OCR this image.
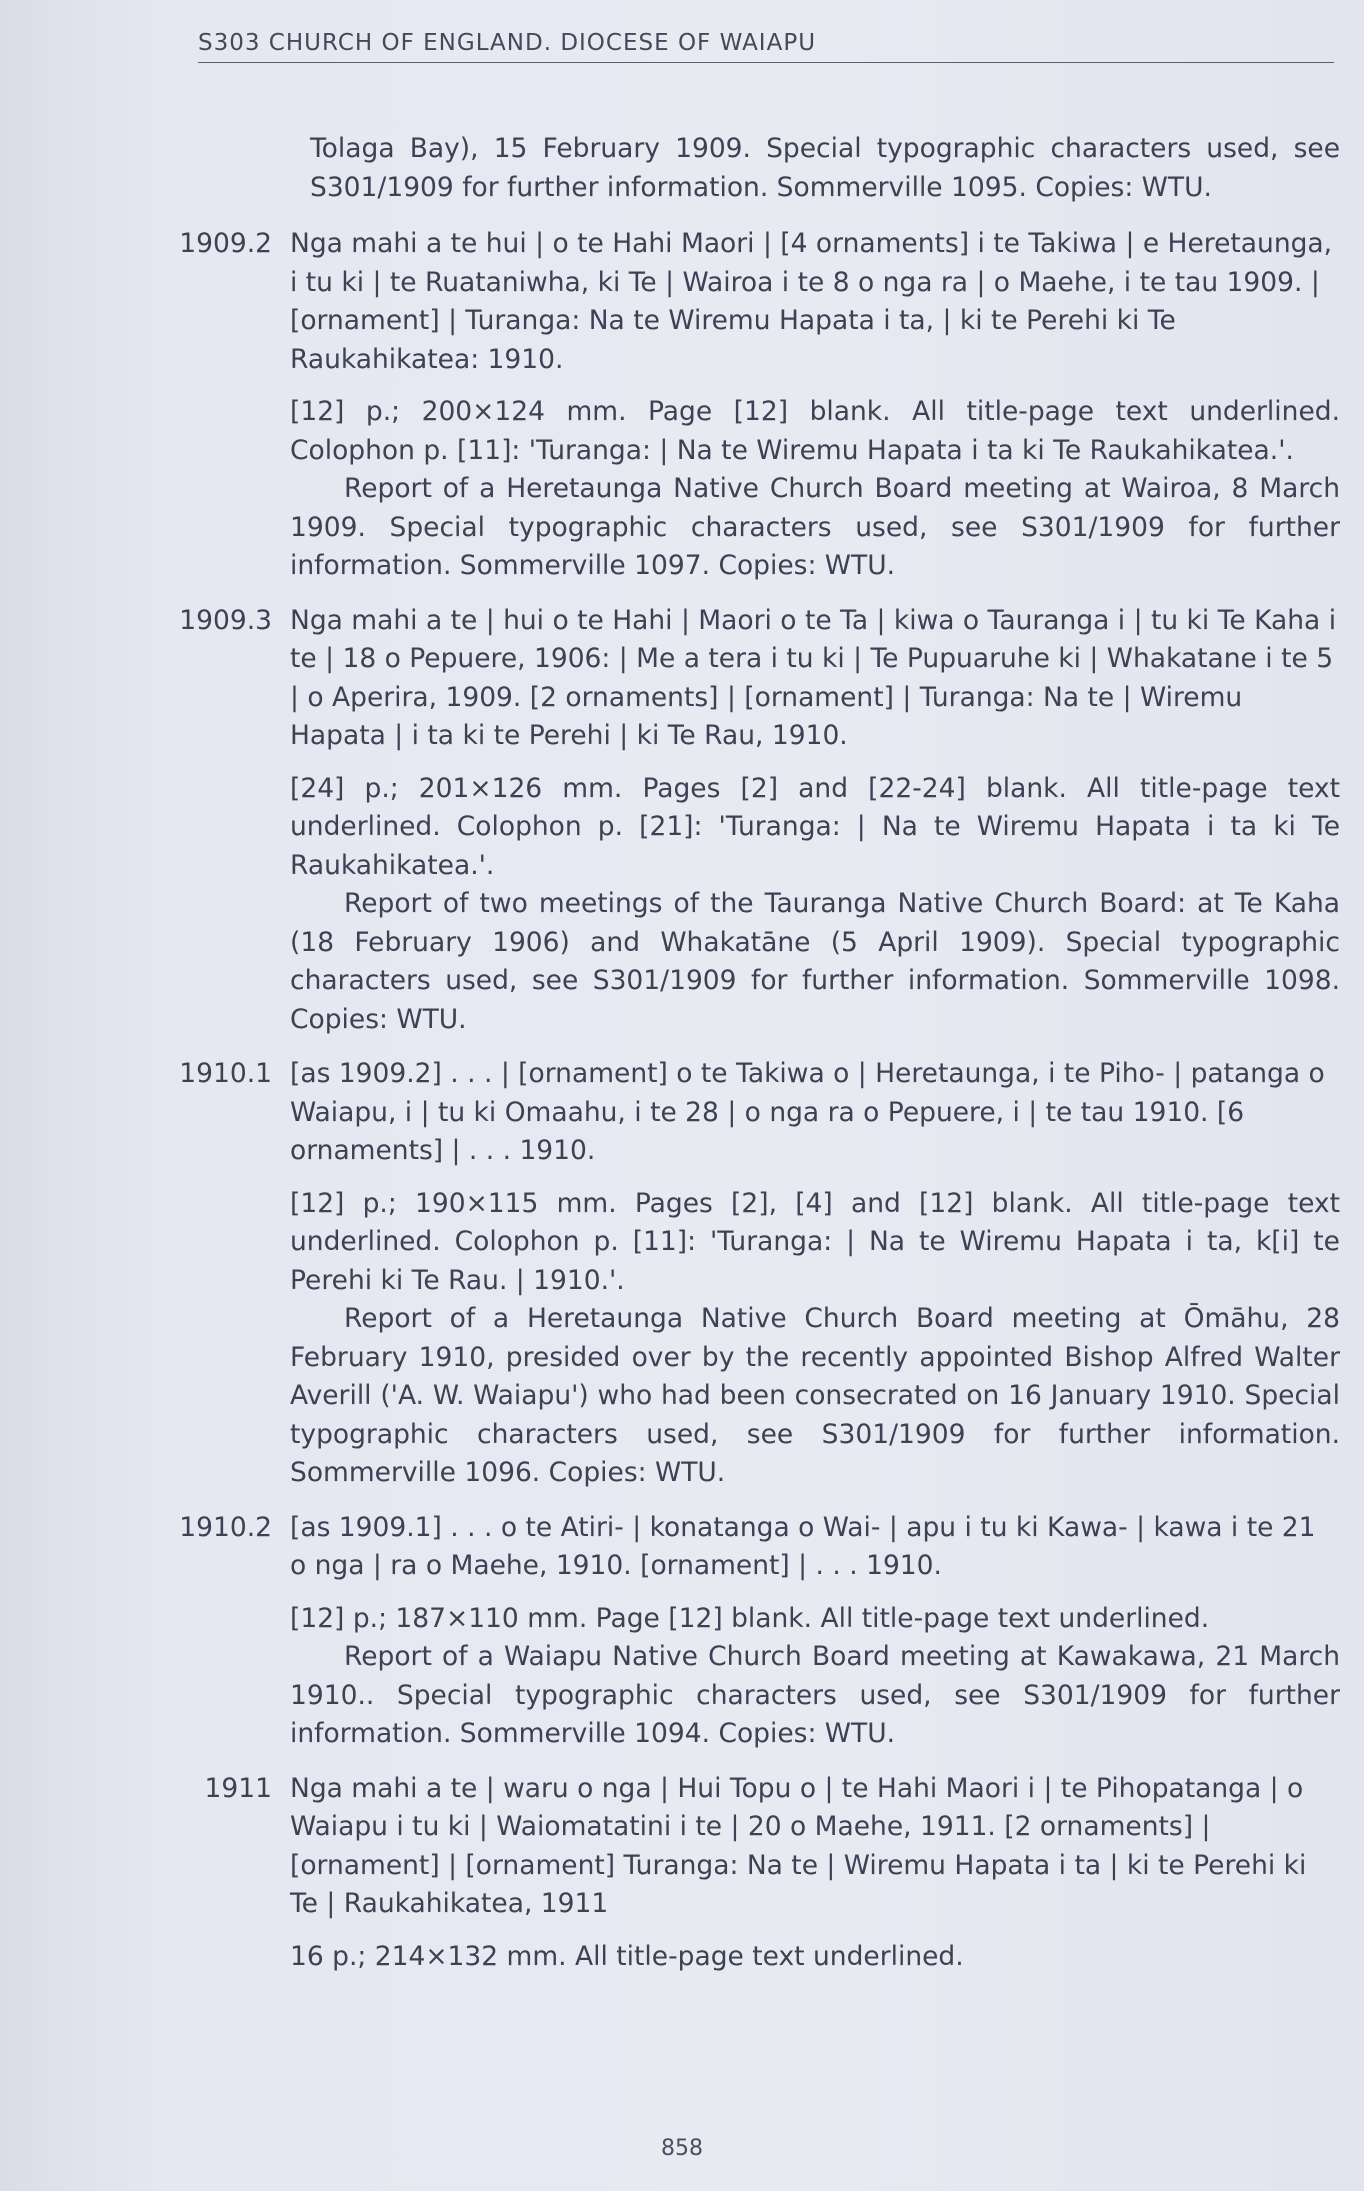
S303 CHURCH OF ENGLAND. DIOCESE OF WAIAPU

Tolaga Bay), 15 February 1909. Special typographic characters used, see S301/1909 for further information. Sommerville 1095. Copies: WTU.

1909.2 Nga mahi a te hui | o te Hahi Maori | [4 ornaments] i te Takiwa | e Heretaunga, i tu ki | te Ruataniwha, ki Te | Wairoa i te 8 o nga ra | o Maehe, i te tau 1909. | [ornament] | Turanga: Na te Wiremu Hapata i ta, | ki te Perehi ki Te Raukahikatea: 1910.

[12] p.; 200×124 mm. Page [12] blank. All title-page text underlined. Colophon p. [11]: 'Turanga: | Na te Wiremu Hapata i ta ki Te Raukahikatea.'.

Report of a Heretaunga Native Church Board meeting at Wairoa, 8 March 1909. Special typographic characters used, see S301/1909 for further information. Sommerville 1097. Copies: WTU.

1909.3 Nga mahi a te | hui o te Hahi | Maori o te Ta | kiwa o Tauranga i | tu ki Te Kaha i te | 18 o Pepuere, 1906: | Me a tera i tu ki | Te Pupuaruhe ki | Whakatane i te 5 | o Aperira, 1909. [2 ornaments] | [ornament] | Turanga: Na te | Wiremu Hapata | i ta ki te Perehi | ki Te Rau, 1910.

[24] p.; 201×126 mm. Pages [2] and [22-24] blank. All title-page text underlined. Colophon p. [21]: 'Turanga: | Na te Wiremu Hapata i ta ki Te Raukahikatea.'.

Report of two meetings of the Tauranga Native Church Board: at Te Kaha (18 February 1906) and Whakatāne (5 April 1909). Special typographic characters used, see S301/1909 for further information. Sommerville 1098. Copies: WTU.

1910.1 [as 1909.2] . . . | [ornament] o te Takiwa o | Heretaunga, i te Piho- | patanga o Waiapu, i | tu ki Omaahu, i te 28 | o nga ra o Pepuere, i | te tau 1910. [6 ornaments] | . . . 1910.

[12] p.; 190×115 mm. Pages [2], [4] and [12] blank. All title-page text underlined. Colophon p. [11]: 'Turanga: | Na te Wiremu Hapata i ta, k[i] te Perehi ki Te Rau. | 1910.'.

Report of a Heretaunga Native Church Board meeting at Ōmāhu, 28 February 1910, presided over by the recently appointed Bishop Alfred Walter Averill ('A. W. Waiapu') who had been consecrated on 16 January 1910. Special typographic characters used, see S301/1909 for further information. Sommerville 1096. Copies: WTU.

1910.2 [as 1909.1] . . . o te Atiri- | konatanga o Wai- | apu i tu ki Kawa- | kawa i te 21 o nga | ra o Maehe, 1910. [ornament] | . . . 1910.

[12] p.; 187×110 mm. Page [12] blank. All title-page text underlined.

Report of a Waiapu Native Church Board meeting at Kawakawa, 21 March 1910.. Special typographic characters used, see S301/1909 for further information. Sommerville 1094. Copies: WTU.

1911 Nga mahi a te | waru o nga | Hui Topu o | te Hahi Maori i | te Pihopatanga | o Waiapu i tu ki | Waiomatatini i te | 20 o Maehe, 1911. [2 ornaments] | [ornament] | [ornament] Turanga: Na te | Wiremu Hapata i ta | ki te Perehi ki Te | Raukahikatea, 1911

16 p.; 214×132 mm. All title-page text underlined.

858
